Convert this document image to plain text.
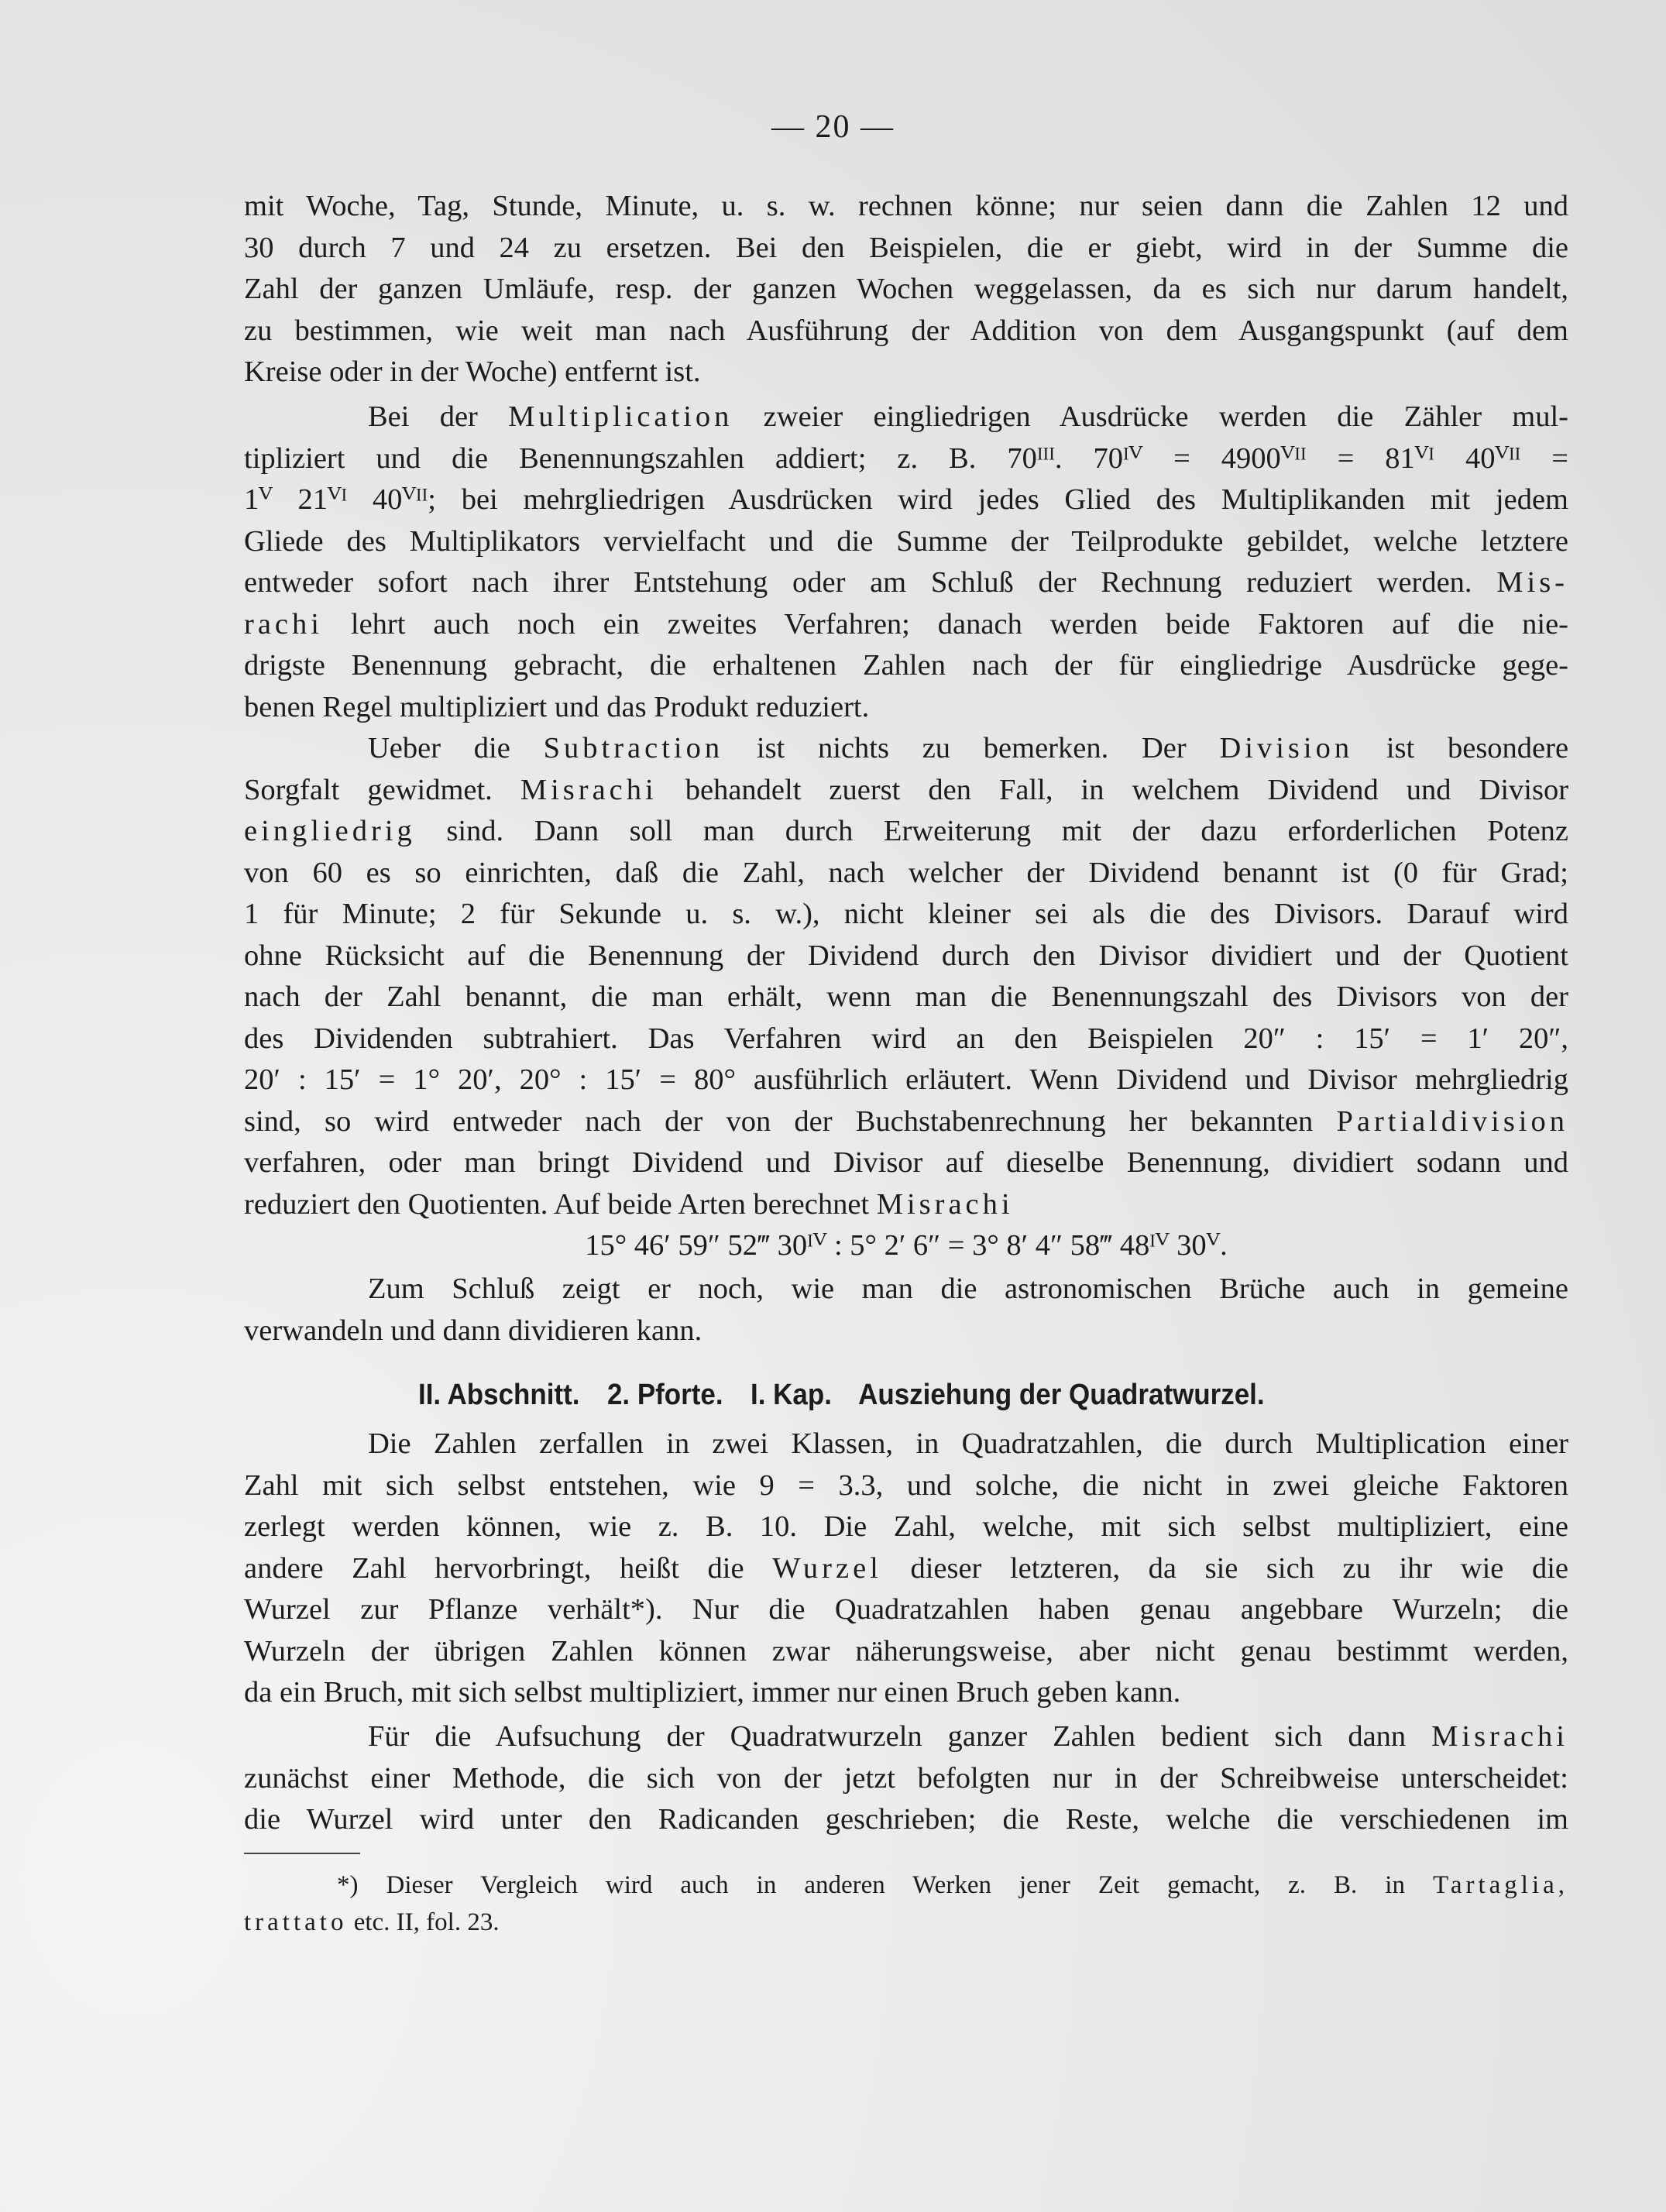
— 20 —
mit Woche, Tag, Stunde, Minute, u. s. w. rechnen könne; nur seien dann die Zahlen 12 und
30 durch 7 und 24 zu ersetzen. Bei den Beispielen, die er giebt, wird in der Summe die
Zahl der ganzen Umläufe, resp. der ganzen Wochen weggelassen, da es sich nur darum handelt,
zu bestimmen, wie weit man nach Ausführung der Addition von dem Ausgangspunkt (auf dem
Kreise oder in der Woche) entfernt ist.
Bei der Multiplication zweier eingliedrigen Ausdrücke werden die Zähler mul-
tipliziert und die Benennungszahlen addiert; z. B. 70ᴵᴵᴵ. 70ᴵⱽ = 4900ⱽᴵᴵ = 81ⱽᴵ 40ⱽᴵᴵ =
1ⱽ 21ⱽᴵ 40ⱽᴵᴵ; bei mehrgliedrigen Ausdrücken wird jedes Glied des Multiplikanden mit jedem
Gliede des Multiplikators vervielfacht und die Summe der Teilprodukte gebildet, welche letztere
entweder sofort nach ihrer Entstehung oder am Schluß der Rechnung reduziert werden. Mis-
rachi lehrt auch noch ein zweites Verfahren; danach werden beide Faktoren auf die nie-
drigste Benennung gebracht, die erhaltenen Zahlen nach der für eingliedrige Ausdrücke gege-
benen Regel multipliziert und das Produkt reduziert.
Ueber die Subtraction ist nichts zu bemerken. Der Division ist besondere
Sorgfalt gewidmet. Misrachi behandelt zuerst den Fall, in welchem Dividend und Divisor
eingliedrig sind. Dann soll man durch Erweiterung mit der dazu erforderlichen Potenz
von 60 es so einrichten, daß die Zahl, nach welcher der Dividend benannt ist (0 für Grad;
1 für Minute; 2 für Sekunde u. s. w.), nicht kleiner sei als die des Divisors. Darauf wird
ohne Rücksicht auf die Benennung der Dividend durch den Divisor dividiert und der Quotient
nach der Zahl benannt, die man erhält, wenn man die Benennungszahl des Divisors von der
des Dividenden subtrahiert. Das Verfahren wird an den Beispielen 20″ : 15′ = 1′ 20″,
20′ : 15′ = 1° 20′, 20° : 15′ = 80° ausführlich erläutert. Wenn Dividend und Divisor mehrgliedrig
sind, so wird entweder nach der von der Buchstabenrechnung her bekannten Partialdivision
verfahren, oder man bringt Dividend und Divisor auf dieselbe Benennung, dividiert sodann und
reduziert den Quotienten. Auf beide Arten berechnet Misrachi
15° 46′ 59″ 52‴ 30ᴵⱽ : 5° 2′ 6″ = 3° 8′ 4″ 58‴ 48ᴵⱽ 30ⱽ.
Zum Schluß zeigt er noch, wie man die astronomischen Brüche auch in gemeine
verwandeln und dann dividieren kann.
II. Abschnitt. 2. Pforte. I. Kap. Ausziehung der Quadratwurzel.
Die Zahlen zerfallen in zwei Klassen, in Quadratzahlen, die durch Multiplication einer
Zahl mit sich selbst entstehen, wie 9 = 3.3, und solche, die nicht in zwei gleiche Faktoren
zerlegt werden können, wie z. B. 10. Die Zahl, welche, mit sich selbst multipliziert, eine
andere Zahl hervorbringt, heißt die Wurzel dieser letzteren, da sie sich zu ihr wie die
Wurzel zur Pflanze verhält*). Nur die Quadratzahlen haben genau angebbare Wurzeln; die
Wurzeln der übrigen Zahlen können zwar näherungsweise, aber nicht genau bestimmt werden,
da ein Bruch, mit sich selbst multipliziert, immer nur einen Bruch geben kann.
Für die Aufsuchung der Quadratwurzeln ganzer Zahlen bedient sich dann Misrachi
zunächst einer Methode, die sich von der jetzt befolgten nur in der Schreibweise unterscheidet:
die Wurzel wird unter den Radicanden geschrieben; die Reste, welche die verschiedenen im
*) Dieser Vergleich wird auch in anderen Werken jener Zeit gemacht, z. B. in Tartaglia,
trattato etc. II, fol. 23.
